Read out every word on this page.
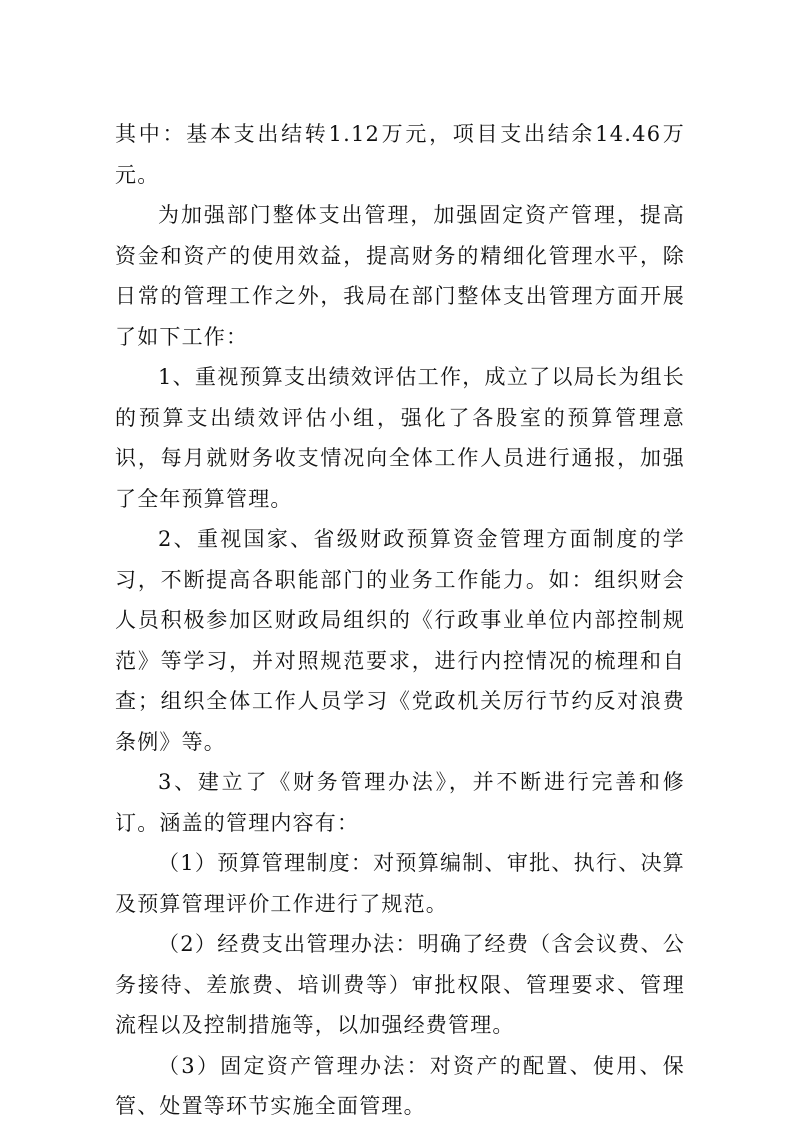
其中：基本支出结转1.12万元，项目支出结余14.46万元。

为加强部门整体支出管理，加强固定资产管理，提高资金和资产的使用效益，提高财务的精细化管理水平，除日常的管理工作之外，我局在部门整体支出管理方面开展了如下工作：

1、重视预算支出绩效评估工作，成立了以局长为组长的预算支出绩效评估小组，强化了各股室的预算管理意识，每月就财务收支情况向全体工作人员进行通报，加强了全年预算管理。

2、重视国家、省级财政预算资金管理方面制度的学习，不断提高各职能部门的业务工作能力。如：组织财会人员积极参加区财政局组织的《行政事业单位内部控制规范》等学习，并对照规范要求，进行内控情况的梳理和自查；组织全体工作人员学习《党政机关厉行节约反对浪费条例》等。

3、建立了《财务管理办法》，并不断进行完善和修订。涵盖的管理内容有：

（1）预算管理制度：对预算编制、审批、执行、决算及预算管理评价工作进行了规范。

（2）经费支出管理办法：明确了经费（含会议费、公务接待、差旅费、培训费等）审批权限、管理要求、管理流程以及控制措施等，以加强经费管理。

（3）固定资产管理办法：对资产的配置、使用、保管、处置等环节实施全面管理。
